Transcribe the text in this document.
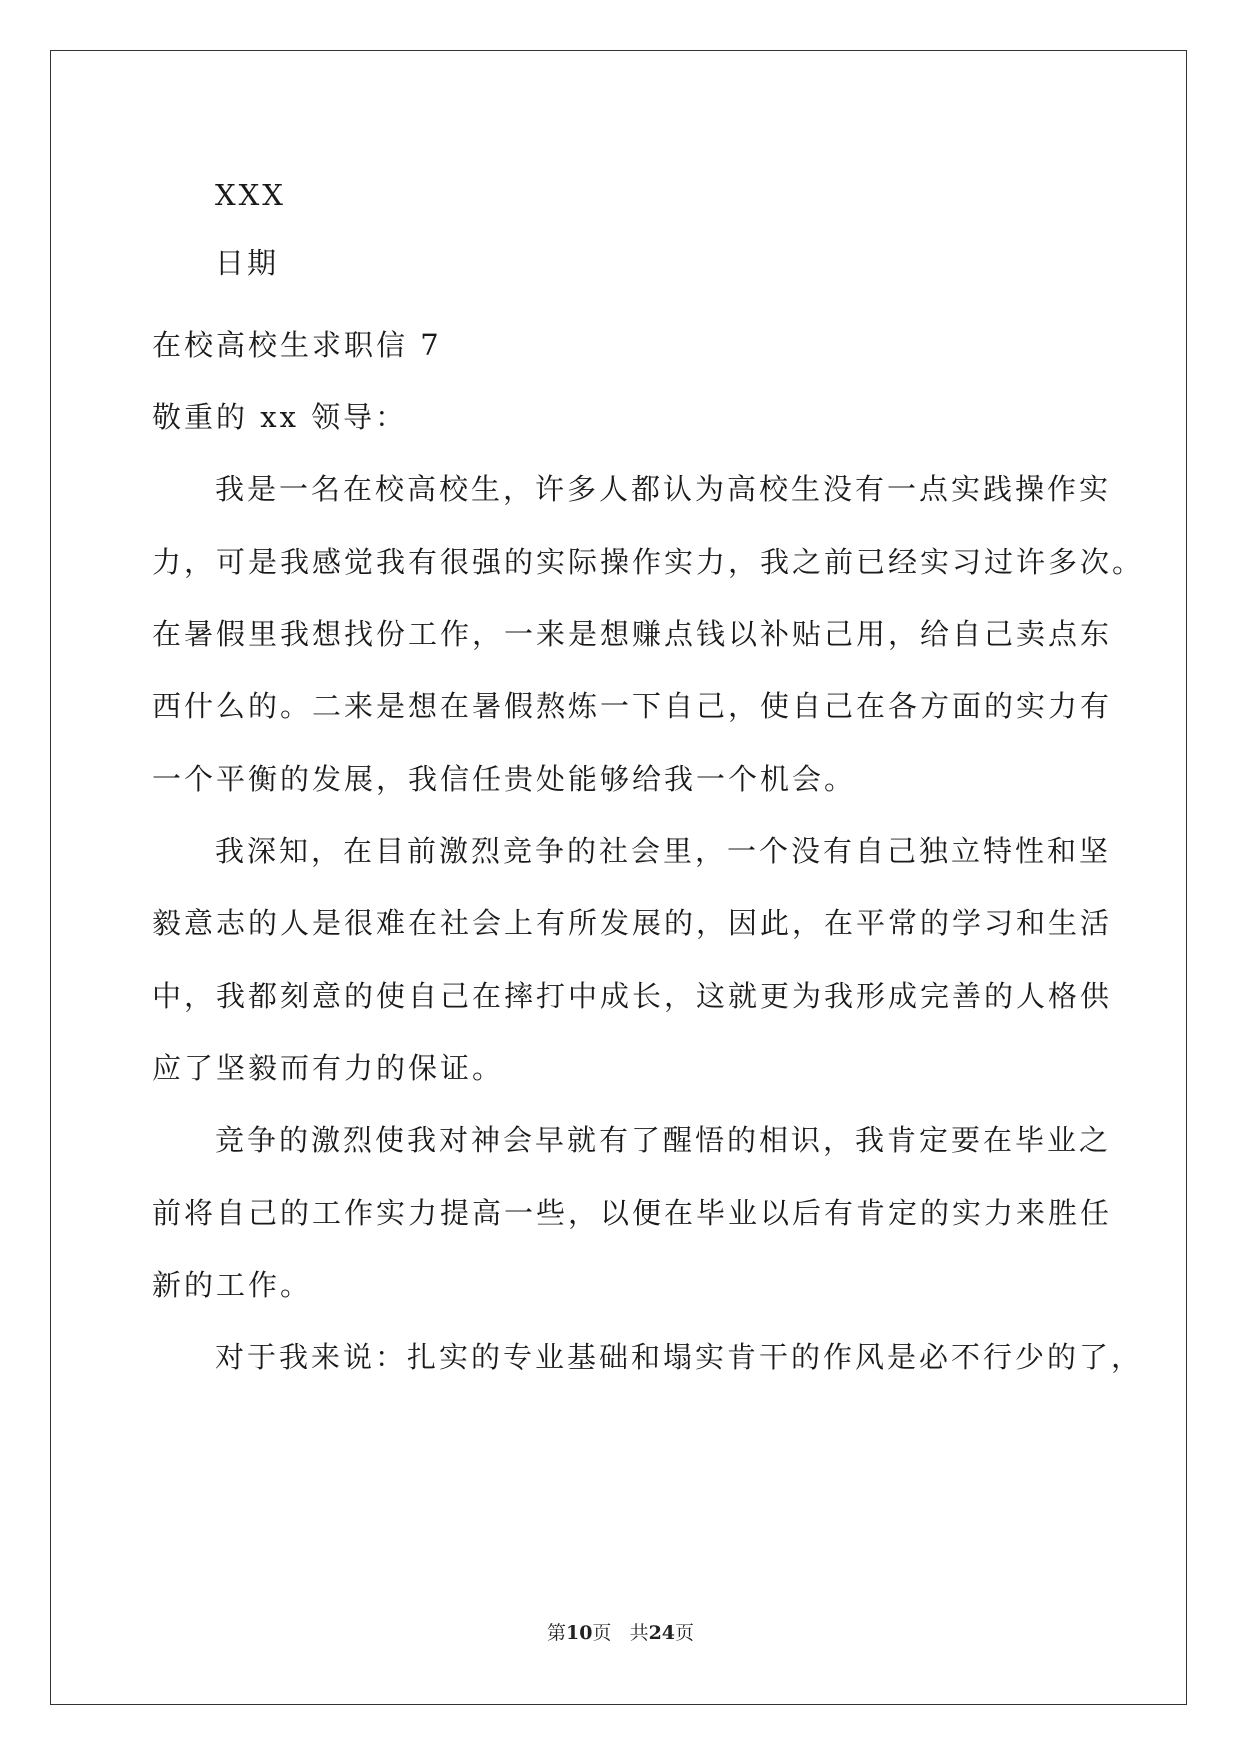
XXX
日期
在校高校生求职信 7
敬重的 xx 领导：
我是一名在校高校生，许多人都认为高校生没有一点实践操作实
力，可是我感觉我有很强的实际操作实力，我之前已经实习过许多次。
在暑假里我想找份工作，一来是想赚点钱以补贴己用，给自己卖点东
西什么的。二来是想在暑假熬炼一下自己，使自己在各方面的实力有
一个平衡的发展，我信任贵处能够给我一个机会。
我深知，在目前激烈竞争的社会里，一个没有自己独立特性和坚
毅意志的人是很难在社会上有所发展的，因此，在平常的学习和生活
中，我都刻意的使自己在摔打中成长，这就更为我形成完善的人格供
应了坚毅而有力的保证。
竞争的激烈使我对神会早就有了醒悟的相识，我肯定要在毕业之
前将自己的工作实力提高一些，以便在毕业以后有肯定的实力来胜任
新的工作。
对于我来说：扎实的专业基础和塌实肯干的作风是必不行少的了，
第10页 共24页
